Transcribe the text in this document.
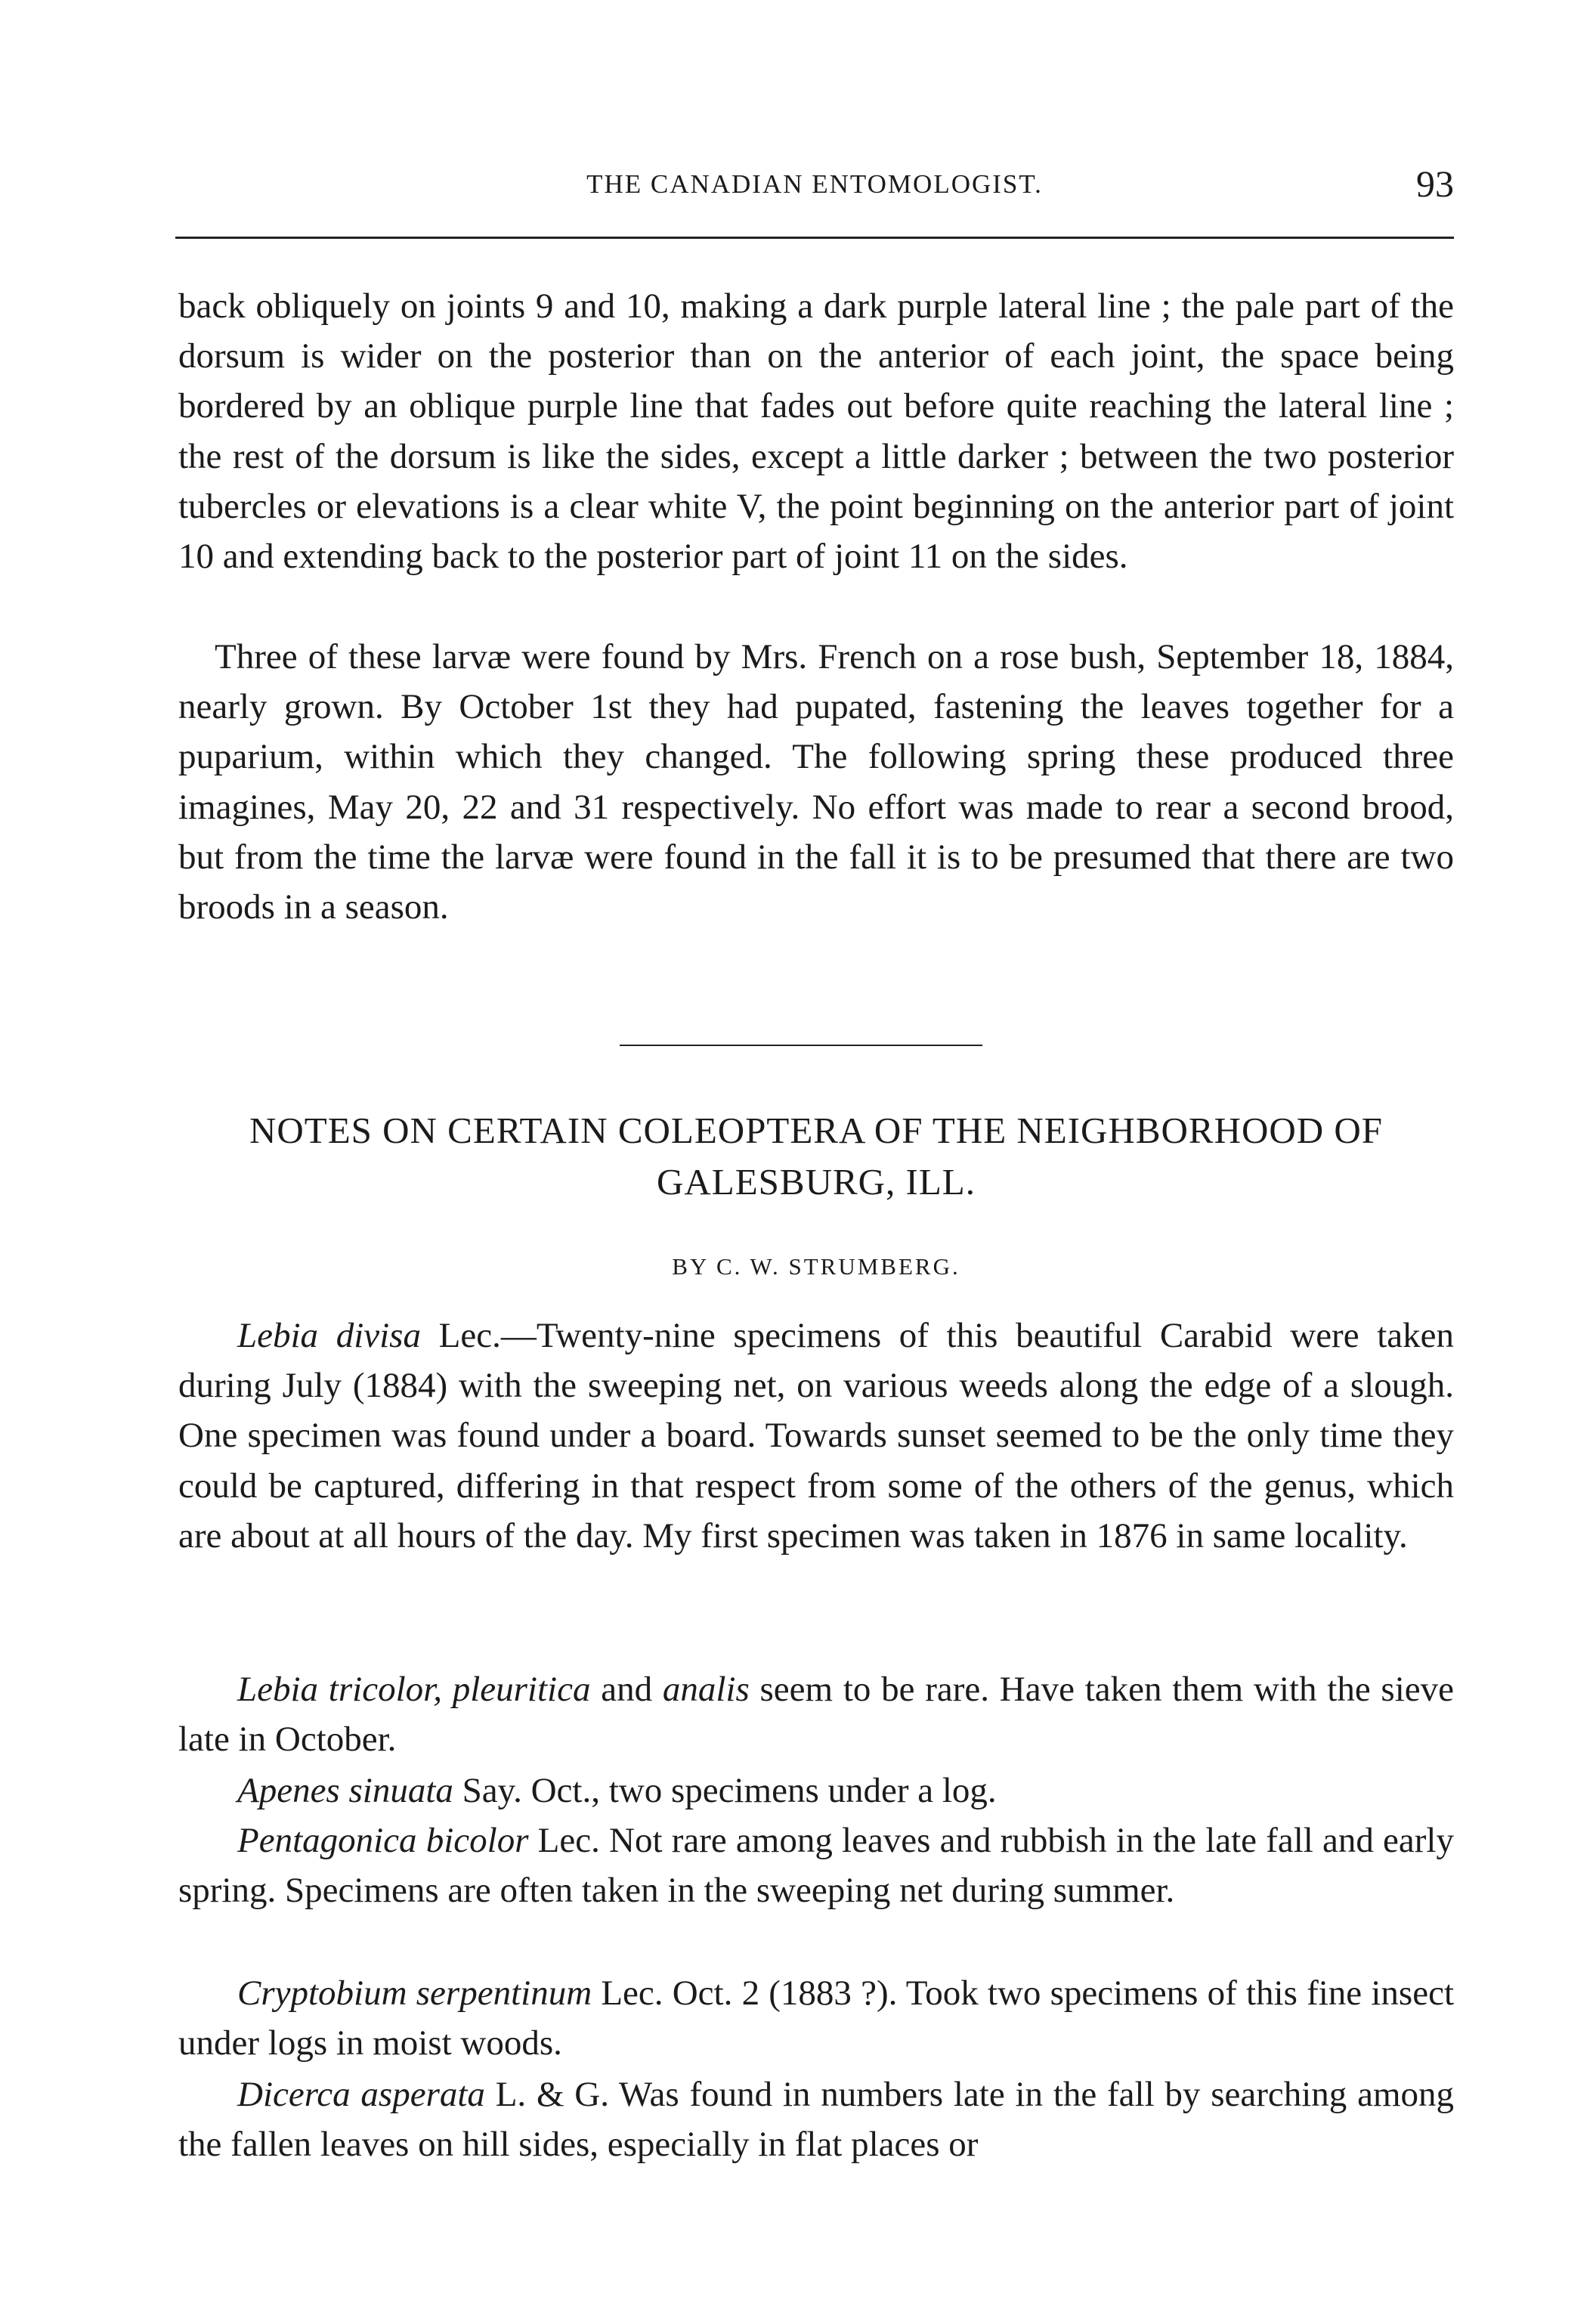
THE CANADIAN ENTOMOLOGIST.	93

back obliquely on joints 9 and 10, making a dark purple lateral line ; the pale part of the dorsum is wider on the posterior than on the anterior of each joint, the space being bordered by an oblique purple line that fades out before quite reaching the lateral line ; the rest of the dorsum is like the sides, except a little darker ; between the two posterior tubercles or elevations is a clear white V, the point beginning on the anterior part of joint 10 and extending back to the posterior part of joint 11 on the sides.

Three of these larvæ were found by Mrs. French on a rose bush, September 18, 1884, nearly grown. By October 1st they had pupated, fastening the leaves together for a puparium, within which they changed. The following spring these produced three imagines, May 20, 22 and 31 respectively. No effort was made to rear a second brood, but from the time the larvæ were found in the fall it is to be presumed that there are two broods in a season.

NOTES ON CERTAIN COLEOPTERA OF THE NEIGHBORHOOD OF GALESBURG, ILL.
BY C. W. STRUMBERG.

Lebia divisa Lec.—Twenty-nine specimens of this beautiful Carabid were taken during July (1884) with the sweeping net, on various weeds along the edge of a slough. One specimen was found under a board. Towards sunset seemed to be the only time they could be captured, differing in that respect from some of the others of the genus, which are about at all hours of the day. My first specimen was taken in 1876 in same locality.

Lebia tricolor, pleuritica and analis seem to be rare. Have taken them with the sieve late in October.

Apenes sinuata Say. Oct., two specimens under a log.

Pentagonica bicolor Lec. Not rare among leaves and rubbish in the late fall and early spring. Specimens are often taken in the sweeping net during summer.

Cryptobium serpentinum Lec. Oct. 2 (1883 ?). Took two specimens of this fine insect under logs in moist woods.

Dicerca asperata L. & G. Was found in numbers late in the fall by searching among the fallen leaves on hill sides, especially in flat places or
